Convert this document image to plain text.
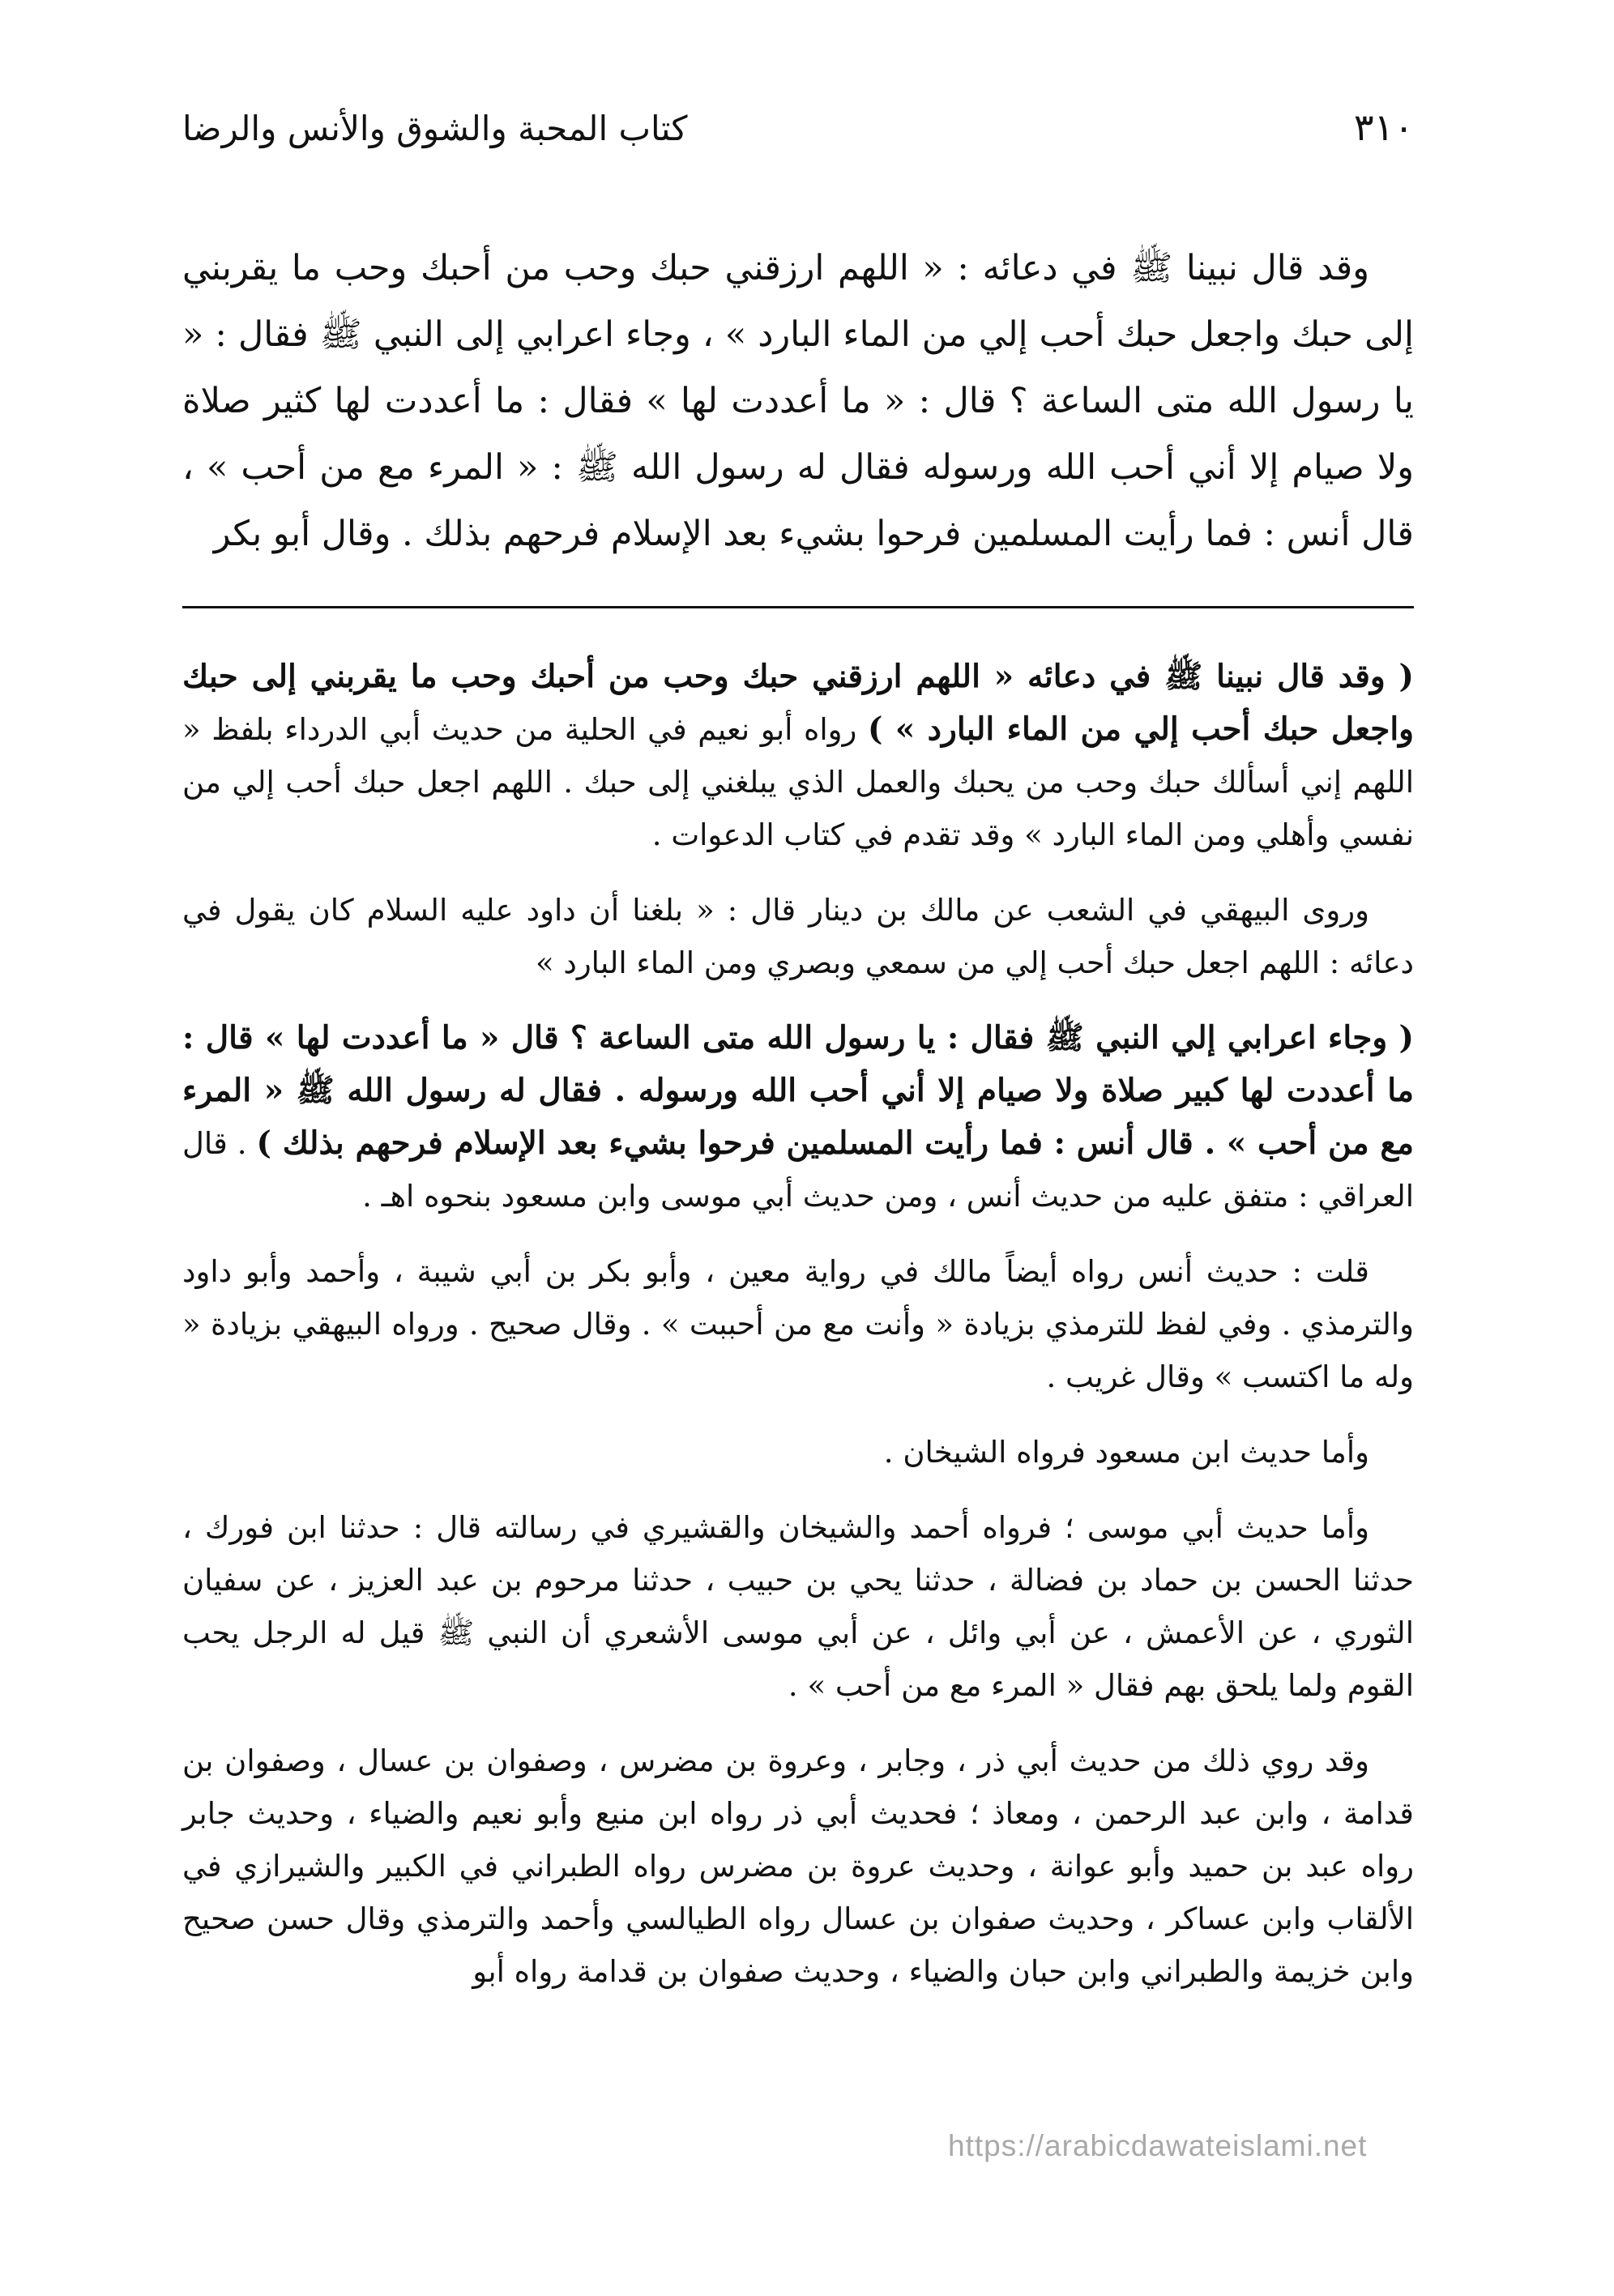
٣١٠
كتاب المحبة والشوق والأنس والرضا
وقد قال نبينا ﷺ في دعائه : « اللهم ارزقني حبك وحب من أحبك وحب ما يقربني إلى حبك واجعل حبك أحب إلي من الماء البارد » ، وجاء اعرابي إلى النبي ﷺ فقال : « يا رسول الله متى الساعة ؟ قال : « ما أعددت لها » فقال : ما أعددت لها كثير صلاة ولا صيام إلا أني أحب الله ورسوله فقال له رسول الله ﷺ : « المرء مع من أحب » ، قال أنس : فما رأيت المسلمين فرحوا بشيء بعد الإسلام فرحهم بذلك . وقال أبو بكر

( وقد قال نبينا ﷺ في دعائه « اللهم ارزقني حبك وحب من أحبك وحب ما يقربني إلى حبك واجعل حبك أحب إلي من الماء البارد » ) رواه أبو نعيم في الحلية من حديث أبي الدرداء بلفظ « اللهم إني أسألك حبك وحب من يحبك والعمل الذي يبلغني إلى حبك . اللهم اجعل حبك أحب إلي من نفسي وأهلي ومن الماء البارد » وقد تقدم في كتاب الدعوات .

وروى البيهقي في الشعب عن مالك بن دينار قال : « بلغنا أن داود عليه السلام كان يقول في دعائه : اللهم اجعل حبك أحب إلي من سمعي وبصري ومن الماء البارد »

( وجاء اعرابي إلي النبي ﷺ فقال : يا رسول الله متى الساعة ؟ قال « ما أعددت لها » قال : ما أعددت لها كبير صلاة ولا صيام إلا أني أحب الله ورسوله . فقال له رسول الله ﷺ « المرء مع من أحب » . قال أنس : فما رأيت المسلمين فرحوا بشيء بعد الإسلام فرحهم بذلك ) . قال العراقي : متفق عليه من حديث أنس ، ومن حديث أبي موسى وابن مسعود بنحوه اهـ .

قلت : حديث أنس رواه أيضاً مالك في رواية معين ، وأبو بكر بن أبي شيبة ، وأحمد وأبو داود والترمذي . وفي لفظ للترمذي بزيادة « وأنت مع من أحببت » . وقال صحيح . ورواه البيهقي بزيادة « وله ما اكتسب » وقال غريب .

وأما حديث ابن مسعود فرواه الشيخان .

وأما حديث أبي موسى ؛ فرواه أحمد والشيخان والقشيري في رسالته قال : حدثنا ابن فورك ، حدثنا الحسن بن حماد بن فضالة ، حدثنا يحي بن حبيب ، حدثنا مرحوم بن عبد العزيز ، عن سفيان الثوري ، عن الأعمش ، عن أبي وائل ، عن أبي موسى الأشعري أن النبي ﷺ قيل له الرجل يحب القوم ولما يلحق بهم فقال « المرء مع من أحب » .

وقد روي ذلك من حديث أبي ذر ، وجابر ، وعروة بن مضرس ، وصفوان بن عسال ، وصفوان بن قدامة ، وابن عبد الرحمن ، ومعاذ ؛ فحديث أبي ذر رواه ابن منيع وأبو نعيم والضياء ، وحديث جابر رواه عبد بن حميد وأبو عوانة ، وحديث عروة بن مضرس رواه الطبراني في الكبير والشيرازي في الألقاب وابن عساكر ، وحديث صفوان بن عسال رواه الطيالسي وأحمد والترمذي وقال حسن صحيح وابن خزيمة والطبراني وابن حبان والضياء ، وحديث صفوان بن قدامة رواه أبو

https://arabicdawateislami.net
